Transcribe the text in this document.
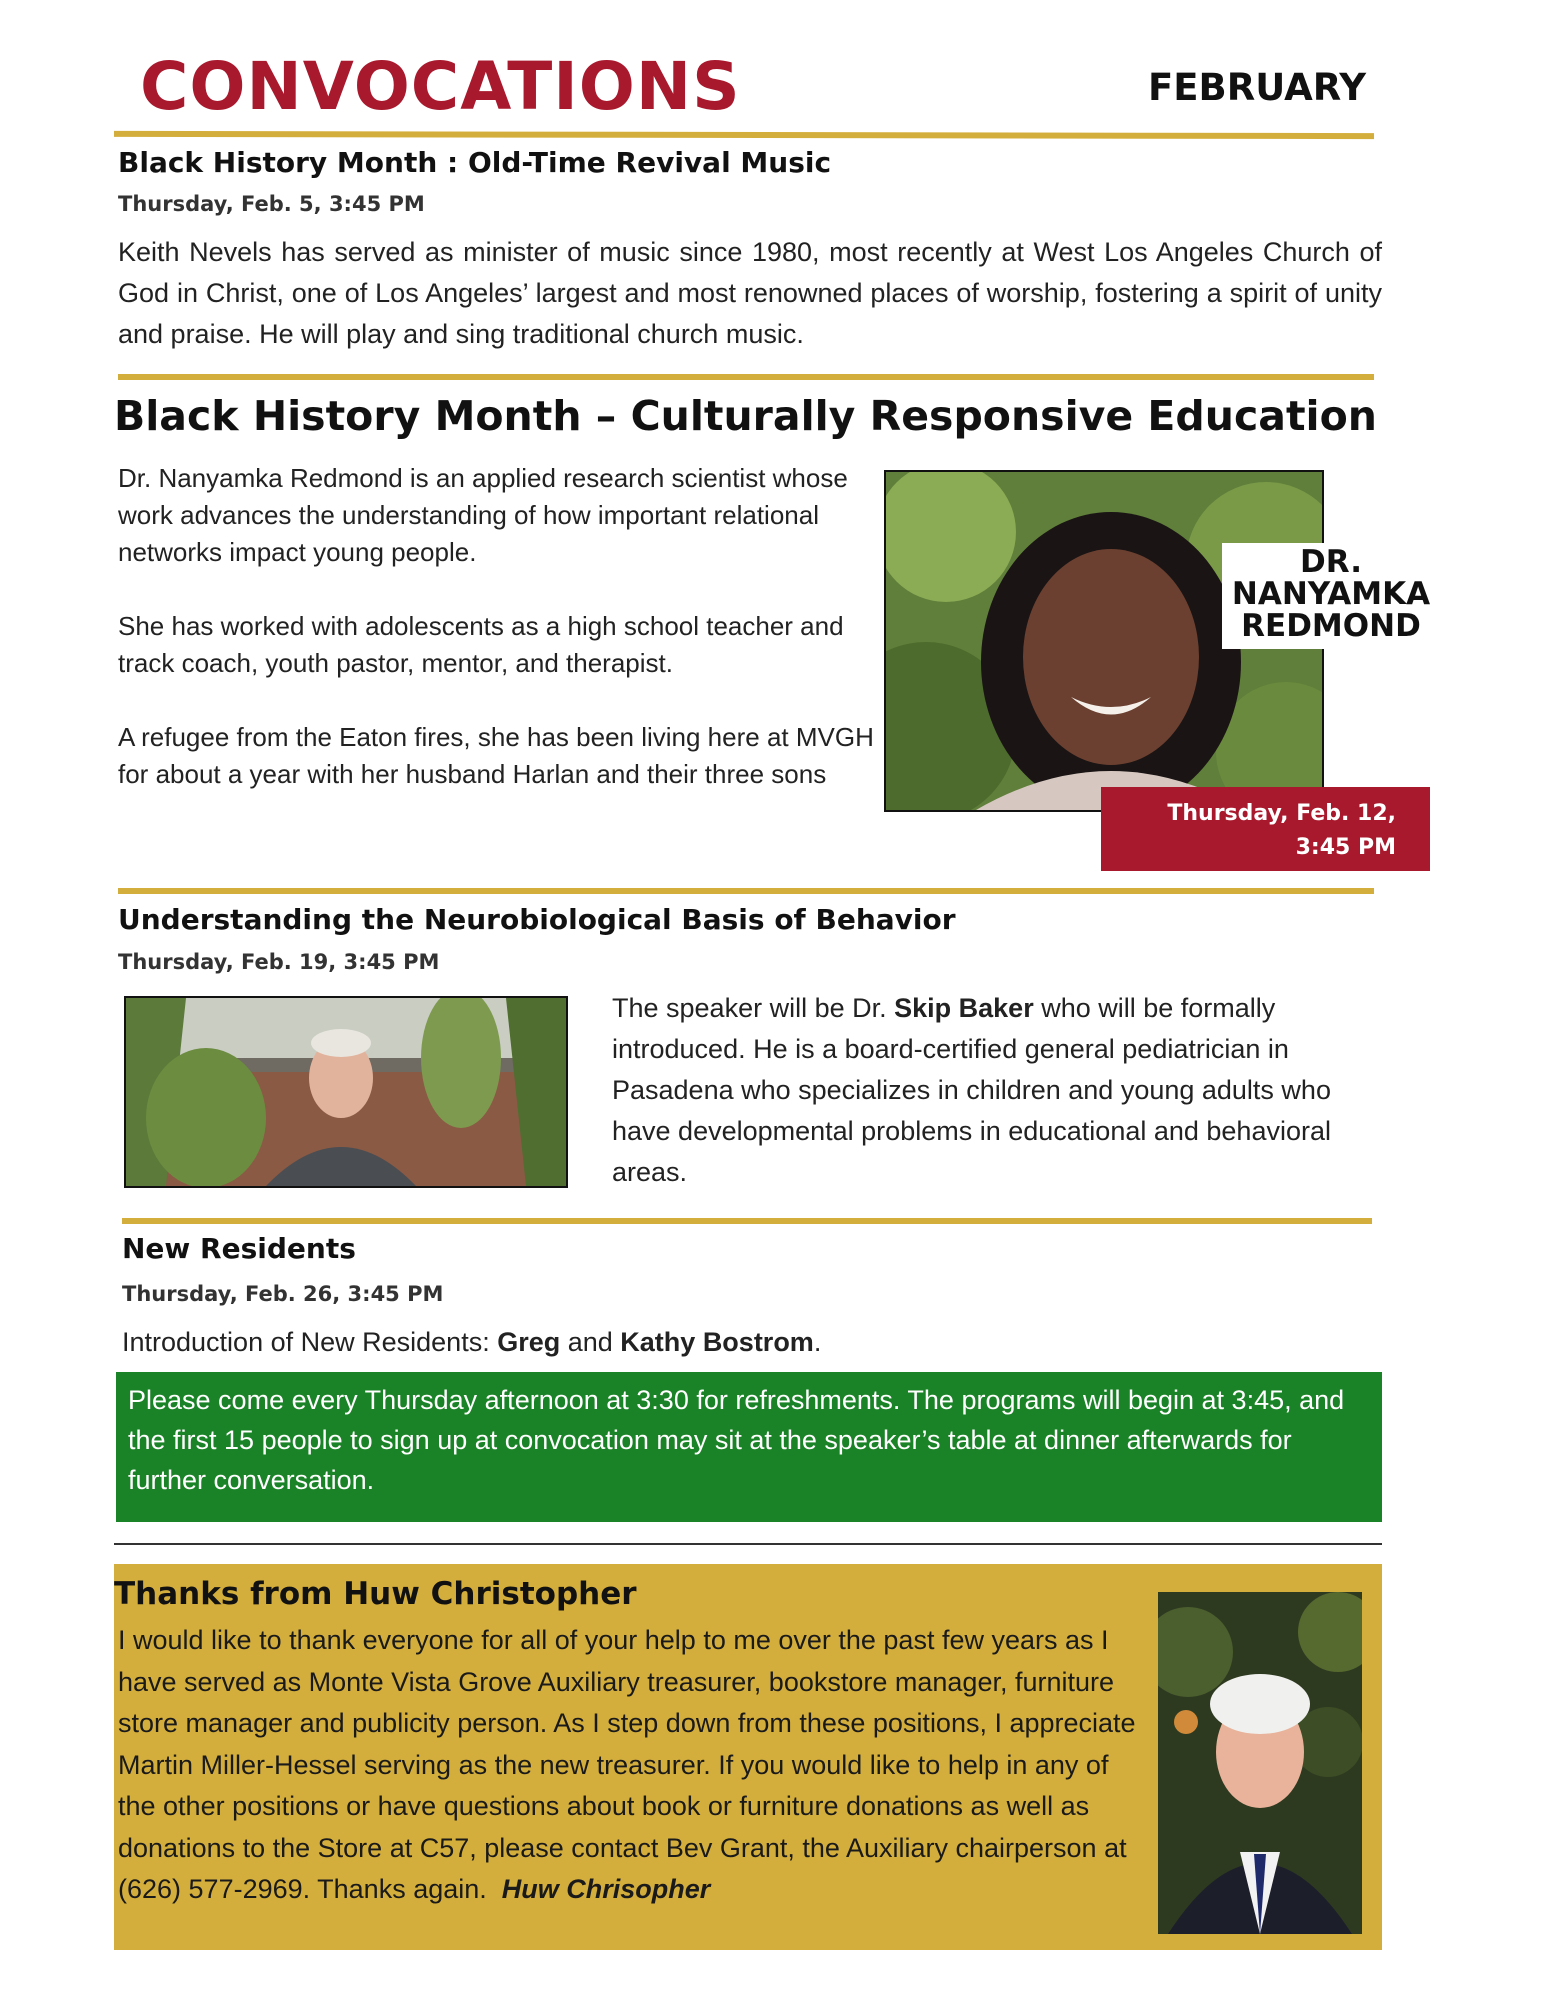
CONVOCATIONS	FEBRUARY
Black History Month : Old-Time Revival Music
Thursday, Feb. 5, 3:45 PM
Keith Nevels has served as minister of music since 1980, most recently at West Los Angeles Church of God in Christ, one of Los Angeles’ largest and most renowned places of worship, fostering a spirit of unity and praise. He will play and sing traditional church music.
Black History Month – Culturally Responsive Education
Dr. Nanyamka Redmond is an applied research scientist whose work advances the understanding of how important relational networks impact young people.
She has worked with adolescents as a high school teacher and track coach, youth pastor, mentor, and therapist.
A refugee from the Eaton fires, she has been living here at MVGH for about a year with her husband Harlan and their three sons
DR.
NANYAMKA
REDMOND
Thursday, Feb. 12,
3:45 PM
Understanding the Neurobiological Basis of Behavior
Thursday, Feb. 19, 3:45 PM
The speaker will be Dr. Skip Baker who will be formally introduced. He is a board-certified general pediatrician in Pasadena who specializes in children and young adults who have developmental problems in educational and behavioral areas.
New Residents
Thursday, Feb. 26, 3:45 PM
Introduction of New Residents: Greg and Kathy Bostrom.
Please come every Thursday afternoon at 3:30 for refreshments. The programs will begin at 3:45, and the first 15 people to sign up at convocation may sit at the speaker’s table at dinner afterwards for further conversation.
Thanks from Huw Christopher
I would like to thank everyone for all of your help to me over the past few years as I have served as Monte Vista Grove Auxiliary treasurer, bookstore manager, furniture store manager and publicity person. As I step down from these positions, I appreciate Martin Miller-Hessel serving as the new treasurer. If you would like to help in any of the other positions or have questions about book or furniture donations as well as donations to the Store at C57, please contact Bev Grant, the Auxiliary chairperson at
(626) 577-2969. Thanks again. Huw Chrisopher
